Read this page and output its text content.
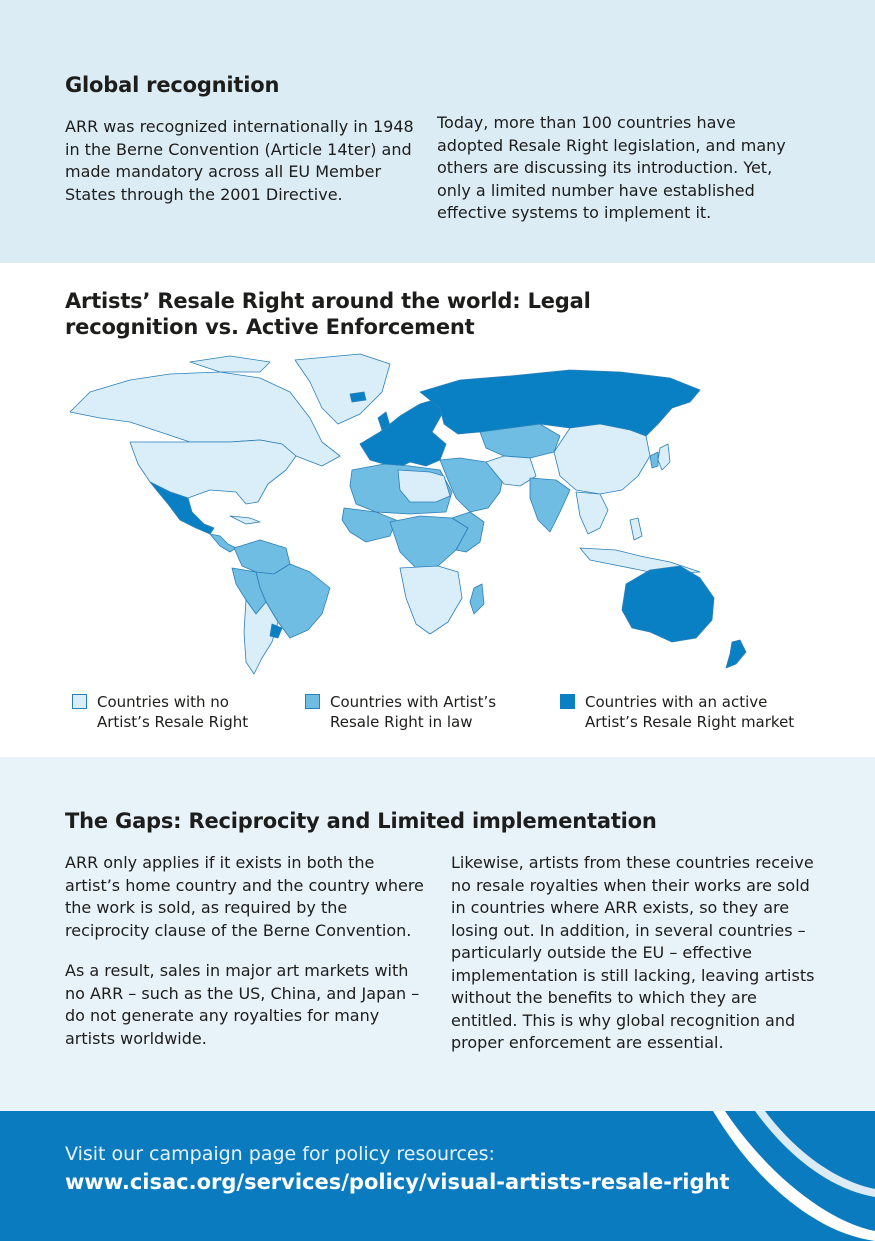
Global recognition

ARR was recognized internationally in 1948 in the Berne Convention (Article 14ter) and made mandatory across all EU Member States through the 2001 Directive.

Today, more than 100 countries have adopted Resale Right legislation, and many others are discussing its introduction. Yet, only a limited number have established effective systems to implement it.

Artists’ Resale Right around the world: Legal recognition vs. Active Enforcement
Countries with no
Artist’s Resale Right
Countries with Artist’s
Resale Right in law
Countries with an active
Artist’s Resale Right market
The Gaps: Reciprocity and Limited implementation

ARR only applies if it exists in both the artist’s home country and the country where the work is sold, as required by the reciprocity clause of the Berne Convention.

As a result, sales in major art markets with no ARR – such as the US, China, and Japan – do not generate any royalties for many artists worldwide.

Likewise, artists from these countries receive no resale royalties when their works are sold in countries where ARR exists, so they are losing out. In addition, in several countries – particularly outside the EU – effective implementation is still lacking, leaving artists without the benefits to which they are entitled. This is why global recognition and proper enforcement are essential.

Visit our campaign page for policy resources:
www.cisac.org/services/policy/visual-artists-resale-right
